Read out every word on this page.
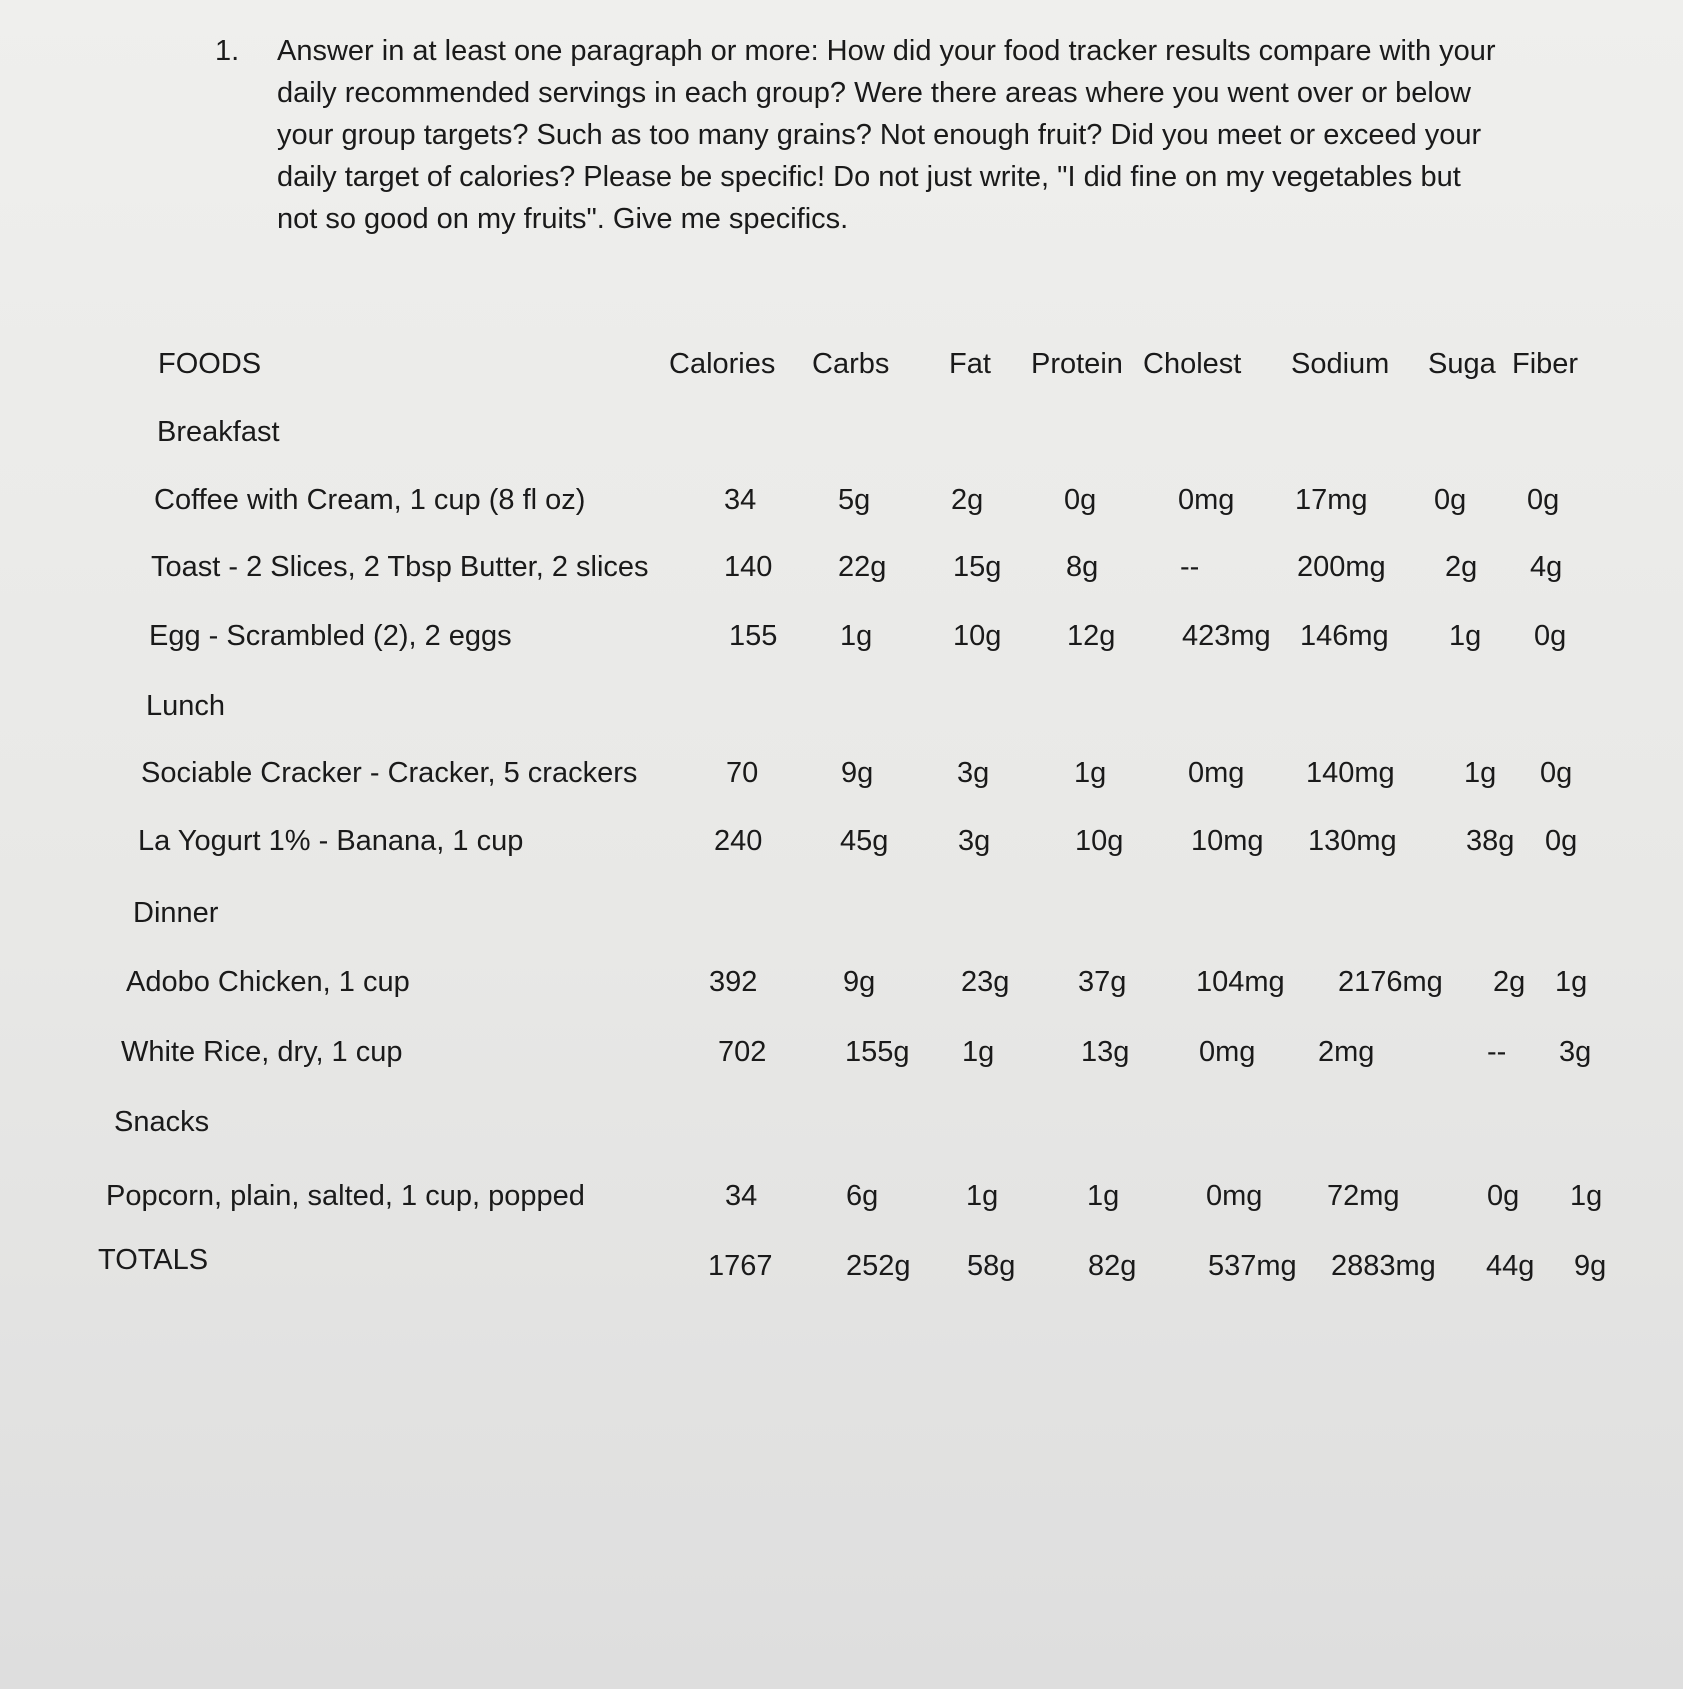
1.	Answer in at least one paragraph or more: How did your food tracker results compare with your
daily recommended servings in each group? Were there areas where you went over or below
your group targets? Such as too many grains? Not enough fruit? Did you meet or exceed your
daily target of calories? Please be specific! Do not just write, "I did fine on my vegetables but
not so good on my fruits". Give me specifics.
FOODS	Calories Carbs Fat Protein Cholest Sodium Suga Fiber
Breakfast
Coffee with Cream, 1 cup (8 fl oz)	34	5g	2g	0g	0mg 17mg 0g 0g
Toast - 2 Slices, 2 Tbsp Butter, 2 slices	140 22g 15g 8g	--	200mg 2g 4g
Egg - Scrambled (2), 2 eggs	155 1g	10g 12g 423mg 146mg 1g 0g
Lunch
Sociable Cracker - Cracker, 5 crackers	70	9g	3g	1g	0mg 140mg 1g 0g
La Yogurt 1% - Banana, 1 cup	240	45g 3g	10g 10mg 130mg 38g 0g
Dinner
Adobo Chicken, 1 cup	392	9g	23g 37g 104mg 2176mg 2g 1g
White Rice, dry, 1 cup	702	155g 1g	13g 0mg 2mg	-- 3g
Snacks
Popcorn, plain, salted, 1 cup, popped	34	6g	1g	1g	0mg 72mg	0g 1g
TOTALS	1767	252g 58g	82g 537mg 2883mg 44g 9g
